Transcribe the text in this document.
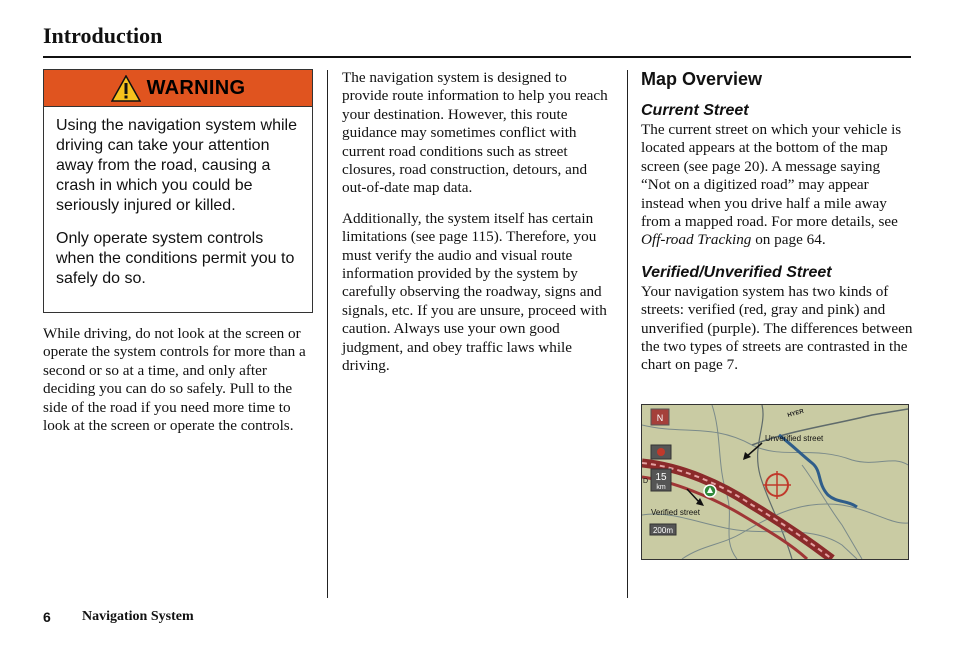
Introduction
WARNING

Using the navigation system while driving can take your attention away from the road, causing a crash in which you could be seriously injured or killed.

Only operate system controls when the conditions permit you to safely do so.

While driving, do not look at the screen or operate the system controls for more than a second or so at a time, and only after deciding you can do so safely. Pull to the side of the road if you need more time to look at the screen or operate the controls.

The navigation system is designed to provide route information to help you reach your destination. However, this route guidance may sometimes conflict with current road conditions such as street closures, road construction, detours, and out-of-date map data.

Additionally, the system itself has certain limitations (see page 115). Therefore, you must verify the audio and visual route information provided by the system by carefully observing the roadway, signs and signals, etc. If you are unsure, proceed with caution. Always use your own good judgment, and obey traffic laws while driving.

Map Overview
Current Street

The current street on which your vehicle is located appears at the bottom of the map screen (see page 20). A message saying “Not on a digitized road” may appear instead when you drive half a mile away from a mapped road. For more details, see Off-road Tracking on page 64.

Verified/Unverified Street

Your navigation system has two kinds of streets: verified (red, gray and pink) and unverified (purple). The differences between the two types of streets are contrasted in the chart on page 7.

N
15
km
D
200m
HYER
Unverified street
Verified street
6 Navigation System
